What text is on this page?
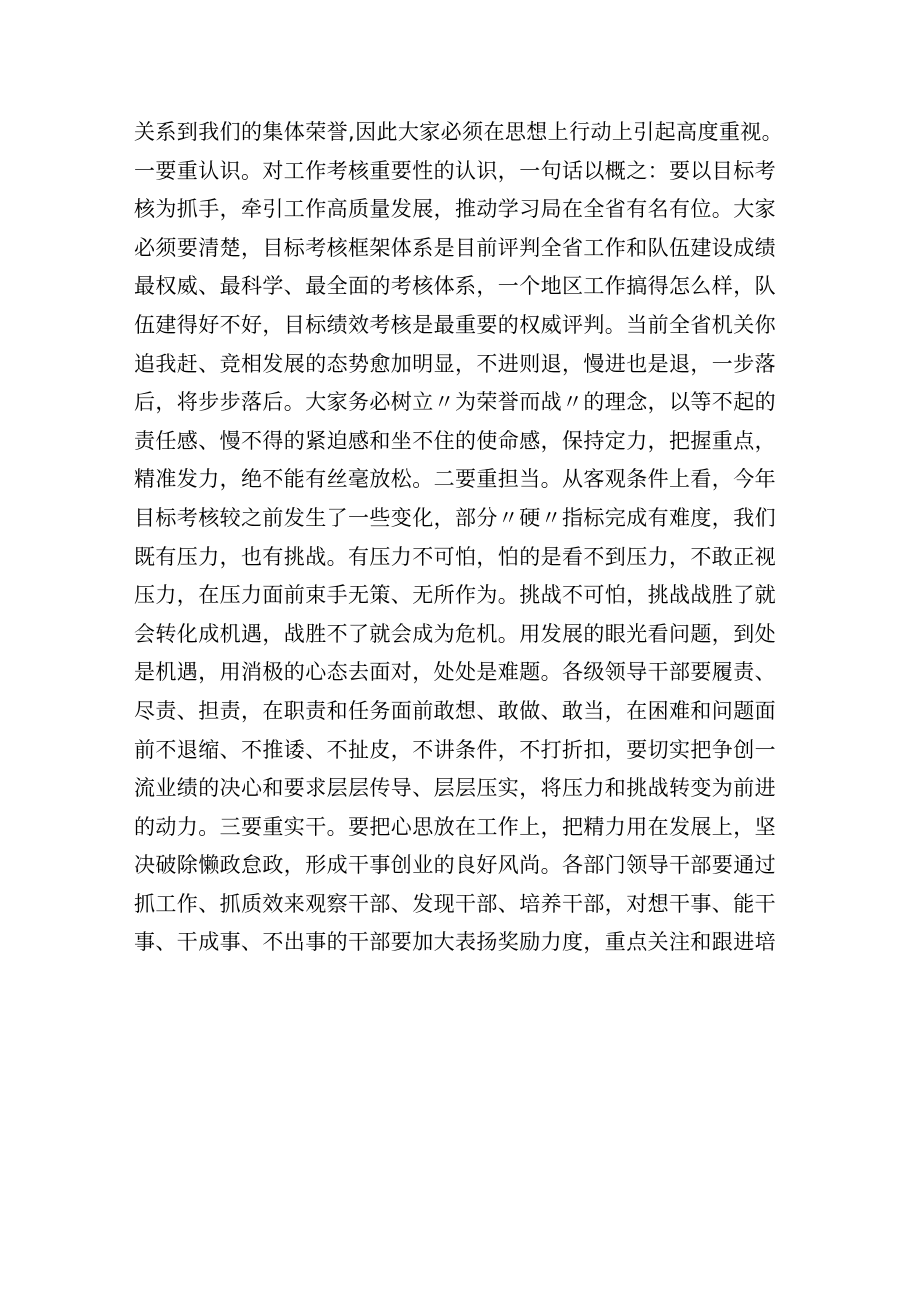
关系到我们的集体荣誉,因此大家必须在思想上行动上引起高度重视。
一要重认识。对工作考核重要性的认识，一句话以概之：要以目标考
核为抓手，牵引工作高质量发展，推动学习局在全省有名有位。大家
必须要清楚，目标考核框架体系是目前评判全省工作和队伍建设成绩
最权威、最科学、最全面的考核体系，一个地区工作搞得怎么样，队
伍建得好不好，目标绩效考核是最重要的权威评判。当前全省机关你
追我赶、竞相发展的态势愈加明显，不进则退，慢进也是退，一步落
后，将步步落后。大家务必树立〃为荣誉而战〃的理念，以等不起的
责任感、慢不得的紧迫感和坐不住的使命感，保持定力，把握重点，
精准发力，绝不能有丝毫放松。二要重担当。从客观条件上看，今年
目标考核较之前发生了一些变化，部分〃硬〃指标完成有难度，我们
既有压力，也有挑战。有压力不可怕，怕的是看不到压力，不敢正视
压力，在压力面前束手无策、无所作为。挑战不可怕，挑战战胜了就
会转化成机遇，战胜不了就会成为危机。用发展的眼光看问题，到处
是机遇，用消极的心态去面对，处处是难题。各级领导干部要履责、
尽责、担责，在职责和任务面前敢想、敢做、敢当，在困难和问题面
前不退缩、不推诿、不扯皮，不讲条件，不打折扣，要切实把争创一
流业绩的决心和要求层层传导、层层压实，将压力和挑战转变为前进
的动力。三要重实干。要把心思放在工作上，把精力用在发展上，坚
决破除懒政怠政，形成干事创业的良好风尚。各部门领导干部要通过
抓工作、抓质效来观察干部、发现干部、培养干部，对想干事、能干
事、干成事、不出事的干部要加大表扬奖励力度，重点关注和跟进培
